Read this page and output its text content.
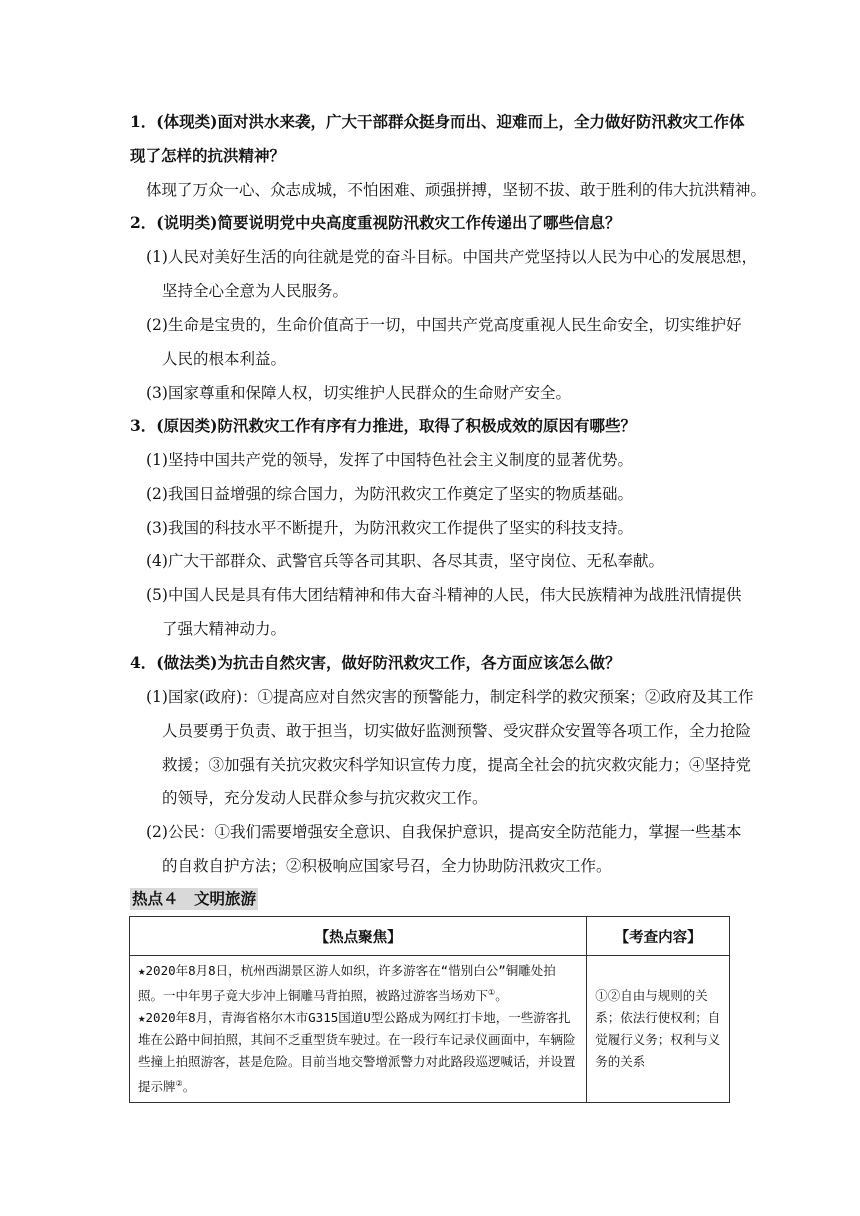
1．(体现类)面对洪水来袭，广大干部群众挺身而出、迎难而上，全力做好防汛救灾工作体
现了怎样的抗洪精神？
体现了万众一心、众志成城，不怕困难、顽强拼搏，坚韧不拔、敢于胜利的伟大抗洪精神。
2．(说明类)简要说明党中央高度重视防汛救灾工作传递出了哪些信息？
(1)人民对美好生活的向往就是党的奋斗目标。中国共产党坚持以人民为中心的发展思想，
坚持全心全意为人民服务。
(2)生命是宝贵的，生命价值高于一切，中国共产党高度重视人民生命安全，切实维护好
人民的根本利益。
(3)国家尊重和保障人权，切实维护人民群众的生命财产安全。
3．(原因类)防汛救灾工作有序有力推进，取得了积极成效的原因有哪些？
(1)坚持中国共产党的领导，发挥了中国特色社会主义制度的显著优势。
(2)我国日益增强的综合国力，为防汛救灾工作奠定了坚实的物质基础。
(3)我国的科技水平不断提升，为防汛救灾工作提供了坚实的科技支持。
(4)广大干部群众、武警官兵等各司其职、各尽其责，坚守岗位、无私奉献。
(5)中国人民是具有伟大团结精神和伟大奋斗精神的人民，伟大民族精神为战胜汛情提供
了强大精神动力。
4．(做法类)为抗击自然灾害，做好防汛救灾工作，各方面应该怎么做？
(1)国家(政府)：①提高应对自然灾害的预警能力，制定科学的救灾预案；②政府及其工作
人员要勇于负责、敢于担当，切实做好监测预警、受灾群众安置等各项工作，全力抢险
救援；③加强有关抗灾救灾科学知识宣传力度，提高全社会的抗灾救灾能力；④坚持党
的领导，充分发动人民群众参与抗灾救灾工作。
(2)公民：①我们需要增强安全意识、自我保护意识，提高安全防范能力，掌握一些基本
的自救自护方法；②积极响应国家号召，全力协助防汛救灾工作。
热点４　文明旅游
【热点聚焦】	【考查内容】

★2020年8月8日，杭州西湖景区游人如织，许多游客在“惜别白公”铜雕处拍照。一中年男子竟大步冲上铜雕马背拍照，被路过游客当场劝下①。
★2020年8月，青海省格尔木市G315国道U型公路成为网红打卡地，一些游客扎堆在公路中间拍照，其间不乏重型货车驶过。在一段行车记录仪画面中，车辆险些撞上拍照游客，甚是危险。目前当地交警增派警力对此路段巡逻喊话，并设置提示牌②。	①②自由与规则的关系；依法行使权利；自觉履行义务；权利与义务的关系
